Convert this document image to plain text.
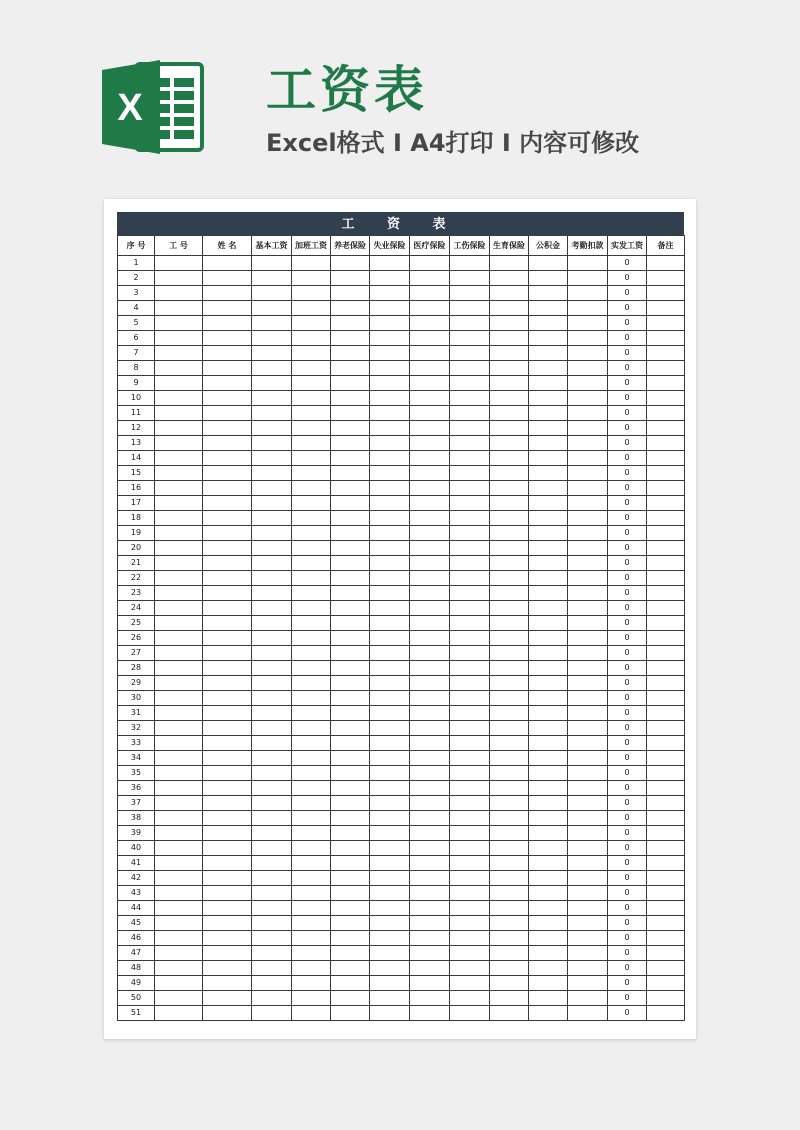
X 工资表
Excel格式 I A4打印 I 内容可修改
工 资 表
序 号	工 号	姓 名	基本工资	加班工资	养老保险	失业保险	医疗保险	工伤保险	生育保险	公积金	考勤扣款	实发工资	备注
1												0	
2												0	
3												0	
4												0	
5												0	
6												0	
7												0	
8												0	
9												0	
10												0	
11												0	
12												0	
13												0	
14												0	
15												0	
16												0	
17												0	
18												0	
19												0	
20												0	
21												0	
22												0	
23												0	
24												0	
25												0	
26												0	
27												0	
28												0	
29												0	
30												0	
31												0	
32												0	
33												0	
34												0	
35												0	
36												0	
37												0	
38												0	
39												0	
40												0	
41												0	
42												0	
43												0	
44												0	
45												0	
46												0	
47												0	
48												0	
49												0	
50												0	
51												0	
